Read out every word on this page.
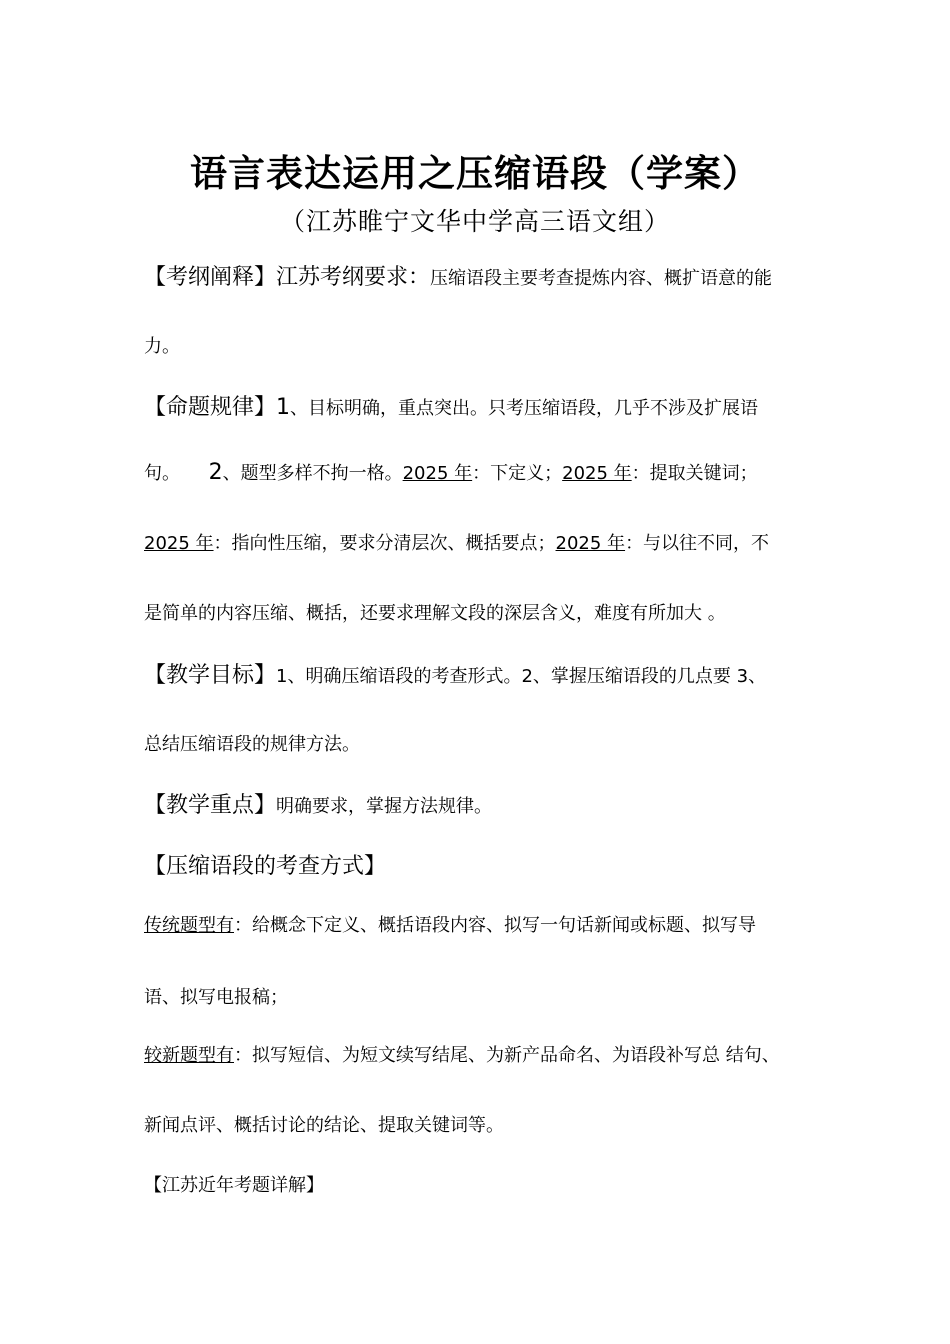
语言表达运用之压缩语段（学案）
（江苏睢宁文华中学高三语文组）
【考纲阐释】江苏考纲要求：压缩语段主要考查提炼内容、概扩语意的能
力。
【命题规律】1、目标明确，重点突出。只考压缩语段，几乎不涉及扩展语
句。 2、题型多样不拘一格。2025 年：下定义；2025 年：提取关键词；
2025 年：指向性压缩，要求分清层次、概括要点；2025 年：与以往不同，不
是简单的内容压缩、概括，还要求理解文段的深层含义，难度有所加大 。
【教学目标】1、明确压缩语段的考查形式。2、掌握压缩语段的几点要 3、
总结压缩语段的规律方法。
【教学重点】明确要求，掌握方法规律。
【压缩语段的考查方式】
传统题型有：给概念下定义、概括语段内容、拟写一句话新闻或标题、拟写导
语、拟写电报稿；
较新题型有：拟写短信、为短文续写结尾、为新产品命名、为语段补写总 结句、
新闻点评、概括讨论的结论、提取关键词等。
【江苏近年考题详解】
